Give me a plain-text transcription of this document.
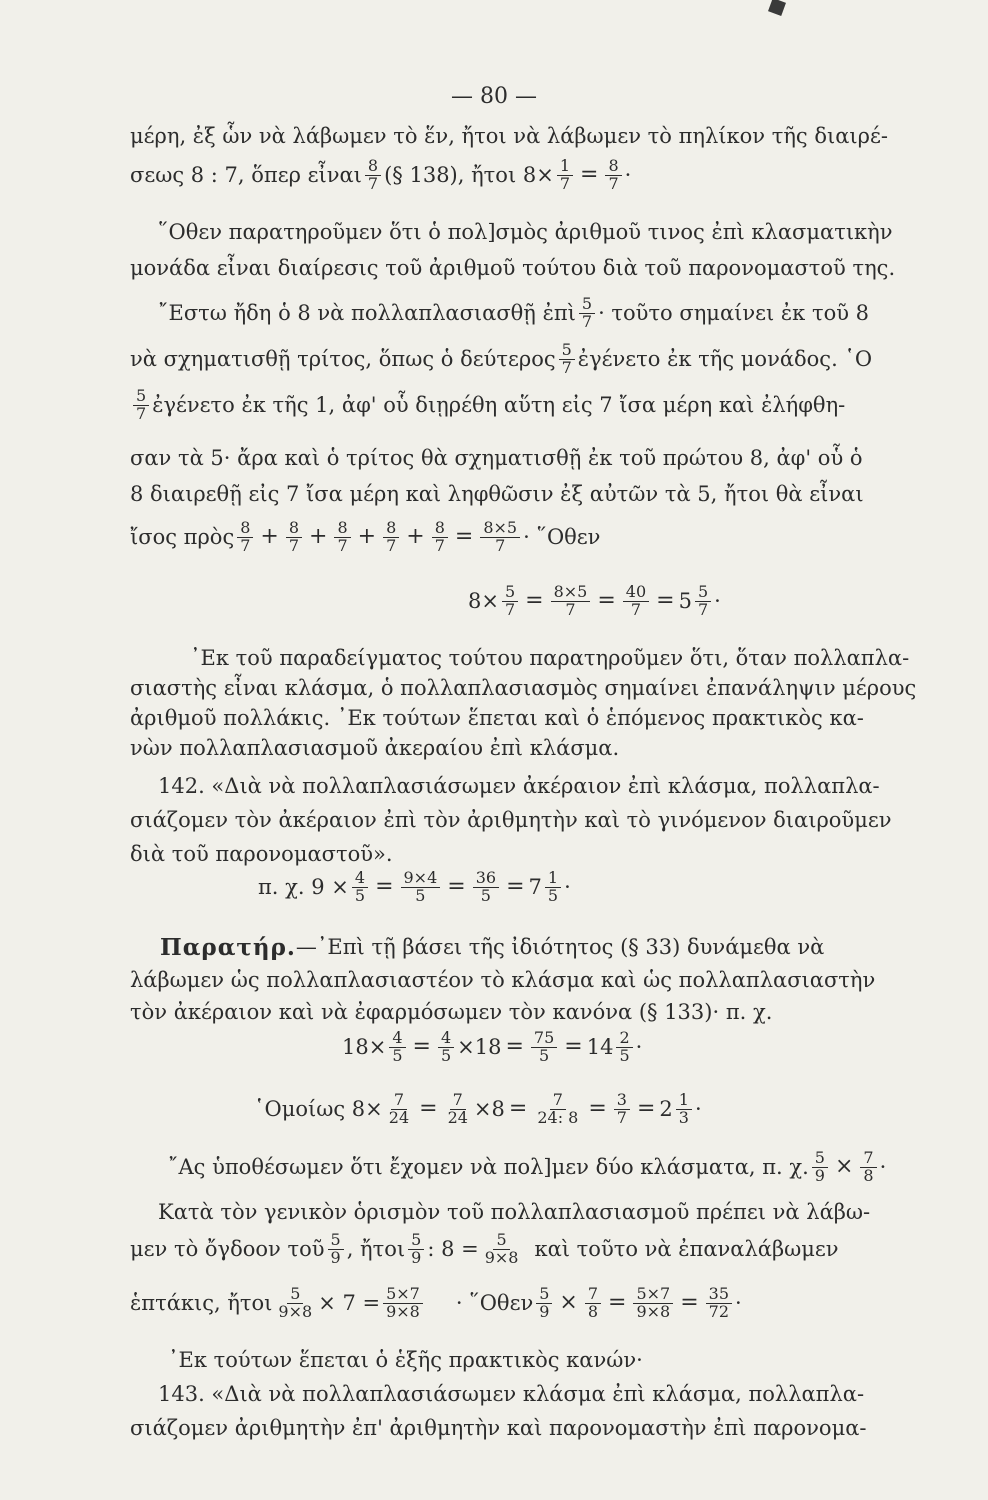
— 80 —
μέρη, ἐξ ὧν νὰ λάβωμεν τὸ ἕν, ἤτοι νὰ λάβωμεν τὸ πηλίκον τῆς διαιρέ-
σεως 8 : 7, ὅπερ εἶναι $\frac{8}{7}$ (§ 138), ἤτοι $8\times \frac{1}{7} = \frac{8}{7}$ ·
῞Οθεν παρατηροῦμεν ὅτι ὁ πολ]σμὸς ἀριθμοῦ τινος ἐπὶ κλασματικὴν
μονάδα εἶναι διαίρεσις τοῦ ἀριθμοῦ τούτου διὰ τοῦ παρονομαστοῦ της.
῎Εστω ἤδη ὁ 8 νὰ πολλαπλασιασθῇ ἐπὶ $\frac{5}{7}$ · τοῦτο σημαίνει ἐκ τοῦ 8
νὰ σχηματισθῇ τρίτος, ὅπως ὁ δεύτερος $\frac{5}{7}$ ἐγένετο ἐκ τῆς μονάδος. ῾Ο
$\frac{5}{7}$ ἐγένετο ἐκ τῆς 1, ἀφ' οὗ διῃρέθη αὕτη εἰς 7 ἴσα μέρη καὶ ἐλήφθη-
σαν τὰ 5· ἄρα καὶ ὁ τρίτος θὰ σχηματισθῇ ἐκ τοῦ πρώτου 8, ἀφ' οὗ ὁ
8 διαιρεθῇ εἰς 7 ἴσα μέρη καὶ ληφθῶσιν ἐξ αὐτῶν τὰ 5, ἤτοι θὰ εἶναι
ἴσος πρὸς $\frac{8}{7} + \frac{8}{7} + \frac{8}{7} + \frac{8}{7} + \frac{8}{7} = \frac{8\times 5}{7}$ · ῞Οθεν
$8\times \frac{5}{7} = \frac{8\times 5}{7} = \frac{40}{7} = 5 \frac{5}{7}$ ·
᾿Εκ τοῦ παραδείγματος τούτου παρατηροῦμεν ὅτι, ὅταν πολλαπλα-
σιαστὴς εἶναι κλάσμα, ὁ πολλαπλασιασμὸς σημαίνει ἐπανάληψιν μέρους
ἀριθμοῦ πολλάκις. ᾿Εκ τούτων ἕπεται καὶ ὁ ἑπόμενος πρακτικὸς κα-
νὼν πολλαπλασιασμοῦ ἀκεραίου ἐπὶ κλάσμα.
142. «Διὰ νὰ πολλαπλασιάσωμεν ἀκέραιον ἐπὶ κλάσμα, πολλαπλα-
σιάζομεν τὸν ἀκέραιον ἐπὶ τὸν ἀριθμητὴν καὶ τὸ γινόμενον διαιροῦμεν
διὰ τοῦ παρονομαστοῦ».
π. χ. $9 \times \frac{4}{5} = \frac{9\times 4}{5} = \frac{36}{5} = 7 \frac{1}{5}$ ·
Παρατήρ. —᾿Επὶ τῇ βάσει τῆς ἰδιότητος (§ 33) δυνάμεθα νὰ
λάβωμεν ὡς πολλαπλασιαστέον τὸ κλάσμα καὶ ὡς πολλαπλασιαστὴν
τὸν ἀκέραιον καὶ νὰ ἐφαρμόσωμεν τὸν κανόνα (§ 133)· π. χ.
$18\times \frac{4}{5} = \frac{4}{5} \times 18 = \frac{75}{5} = 14 \frac{2}{5}$ ·
῾Ομοίως $8\times \frac{7}{24} = \frac{7}{24} \times 8 = \frac{7}{24: 8} = \frac{3}{7} = 2 \frac{1}{3}$ ·
῎Ας ὑποθέσωμεν ὅτι ἔχομεν νὰ πολ]μεν δύο κλάσματα, π. χ. $\frac{5}{9} \times \frac{7}{8}$ ·
Κατὰ τὸν γενικὸν ὁρισμὸν τοῦ πολλαπλασιασμοῦ πρέπει νὰ λάβω-
μεν τὸ ὄγδοον τοῦ $\frac{5}{9}$ , ἤτοι $\frac{5}{9}$ : $8 = \frac{5}{9\times 8}$ καὶ τοῦτο νὰ ἐπαναλάβωμεν
ἑπτάκις, ἤτοι $\frac{5}{9\times 8} \times 7 = \frac{5\times 7}{9\times 8}$ · ῞Οθεν $\frac{5}{9} \times \frac{7}{8} = \frac{5\times 7}{9\times 8} = \frac{35}{72}$ ·
᾿Εκ τούτων ἕπεται ὁ ἑξῆς πρακτικὸς κανών·
143. «Διὰ νὰ πολλαπλασιάσωμεν κλάσμα ἐπὶ κλάσμα, πολλαπλα-
σιάζομεν ἀριθμητὴν ἐπ' ἀριθμητὴν καὶ παρονομαστὴν ἐπὶ παρονομα-
